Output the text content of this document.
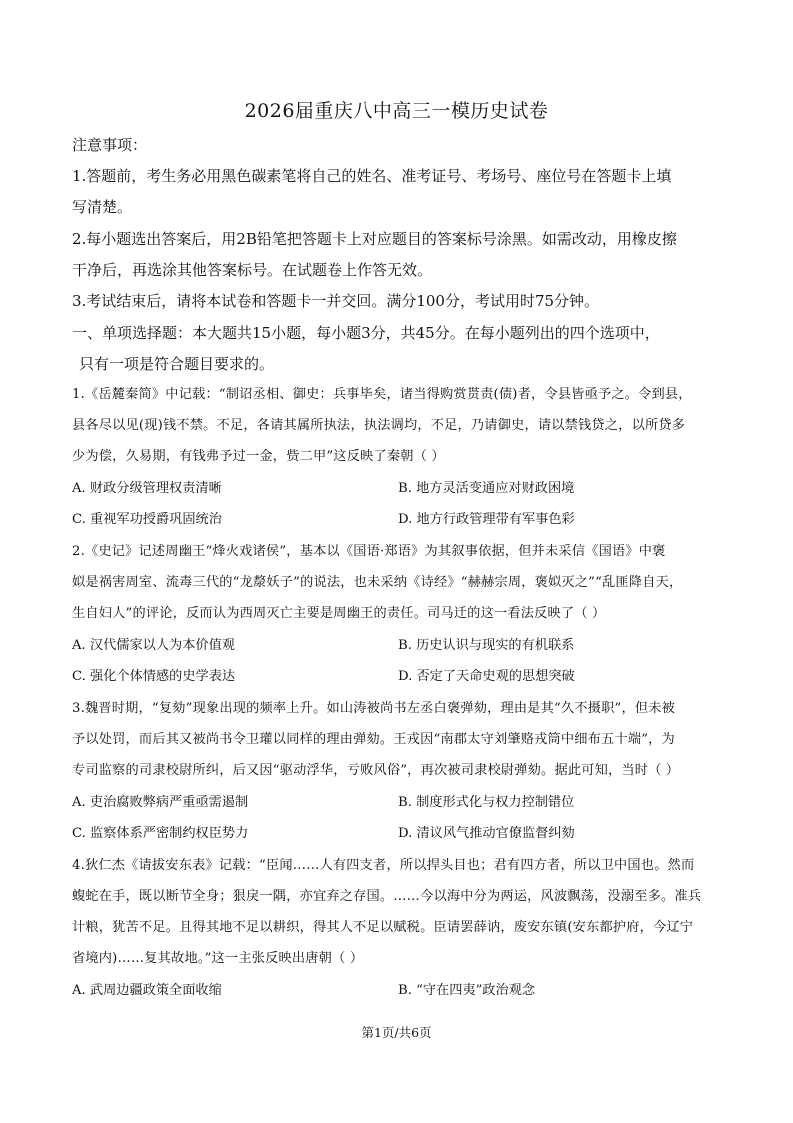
2026届重庆八中高三一模历史试卷
注意事项：
1.答题前，考生务必用黑色碳素笔将自己的姓名、准考证号、考场号、座位号在答题卡上填
写清楚。
2.每小题选出答案后，用2B铅笔把答题卡上对应题目的答案标号涂黑。如需改动，用橡皮擦
干净后，再选涂其他答案标号。在试题卷上作答无效。
3.考试结束后，请将本试卷和答题卡一并交回。满分100分，考试用时75分钟。
一、单项选择题：本大题共15小题，每小题3分，共45分。在每小题列出的四个选项中，
只有一项是符合题目要求的。
1.《岳麓秦简》中记载：“制诏丞相、御史：兵事毕矣，诸当得购赏贳责(债)者，令县皆亟予之。令到县，
县各尽以见(现)钱不禁。不足，各请其属所执法，执法调均，不足，乃请御史，请以禁钱贷之，以所贷多
少为偿，久易期，有钱弗予过一金，赀二甲”这反映了秦朝（ ）
A. 财政分级管理权责清晰	B. 地方灵活变通应对财政困境
C. 重视军功授爵巩固统治	D. 地方行政管理带有军事色彩
2.《史记》记述周幽王“烽火戏诸侯”，基本以《国语·郑语》为其叙事依据，但并未采信《国语》中褒
姒是祸害周室、流毒三代的“龙漦妖子”的说法，也未采纳《诗经》“赫赫宗周，褒姒灭之”“乱匪降自天，
生自妇人”的评论，反而认为西周灭亡主要是周幽王的责任。司马迁的这一看法反映了（ ）
A. 汉代儒家以人为本价值观	B. 历史认识与现实的有机联系
C. 强化个体情感的史学表达	D. 否定了天命史观的思想突破
3.魏晋时期，“复劾”现象出现的频率上升。如山涛被尚书左丞白褒弹劾，理由是其“久不摄职”，但未被
予以处罚，而后其又被尚书令卫瓘以同样的理由弹劾。王戎因“南郡太守刘肇赂戎筒中细布五十端”，为
专司监察的司隶校尉所纠，后又因“驱动浮华，亏败风俗”，再次被司隶校尉弹劾。据此可知，当时（ ）
A. 吏治腐败弊病严重亟需遏制	B. 制度形式化与权力控制错位
C. 监察体系严密制约权臣势力	D. 清议风气推动官僚监督纠劾
4.狄仁杰《请拔安东表》记载：“臣闻……人有四支者，所以捍头目也；君有四方者，所以卫中国也。然而
蝮蛇在手，既以断节全身；狠戾一隅，亦宜弃之存国。……今以海中分为两运，风波飘荡，没溺至多。准兵
计粮，犹苦不足。且得其地不足以耕织，得其人不足以赋税。臣请罢薛讷，废安东镇(安东都护府，今辽宁
省境内)……复其故地。”这一主张反映出唐朝（ ）
A. 武周边疆政策全面收缩	B. “守在四夷”政治观念
第1页/共6页
